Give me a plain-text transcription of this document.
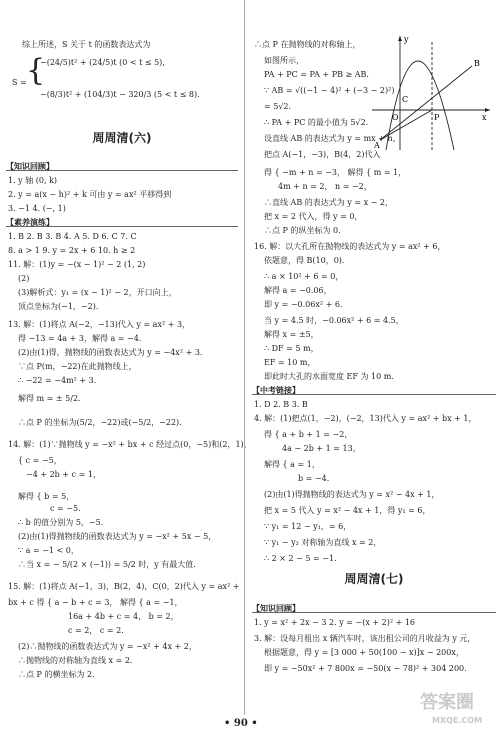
综上所述，S 关于 t 的函数表达式为
S =
−(24/5)t² + (24/5)t (0 < t ≤ 5),
−(8/3)t² + (104/3)t − 320/3 (5 < t ≤ 8).
周周清(六)
【知识回顾】
1. y 轴 (0, k)
2. y = a(x − h)² + k 可由 y = ax² 平移得到
3. −1 4. (−, 1)
【素养演练】
1. B 2. B 3. B 4. A 5. D 6. C 7. C
8. a > 1 9. y = 2x + 6 10. h ≥ 2
11. 解：(1)y = −(x − 1)² − 2 (1, 2)
(2)
(3)解析式：y₁ = (x − 1)² − 2，开口向上，
顶点坐标为(−1，−2).
13. 解：(1)将点 A(−2，−13)代入 y = ax² + 3，
得 −13 = 4a + 3，解得 a = −4.
(2)由(1)得，抛物线的函数表达式为 y = −4x² + 3.
∵点 P(m，−22)在此抛物线上，
∴ −22 = −4m² + 3.
解得 m = ± 5/2.
∴点 P 的坐标为(5/2，−22)或(−5/2，−22).
14. 解：(1)∵抛物线 y = −x² + bx + c 经过点(0，−5)和(2，1)，
{ c = −5，
−4 + 2b + c = 1，
解得 { b = 5，
c = −5.
∴ b 的值分别为 5，−5.
(2)由(1)得抛物线的函数表达式为 y = −x² + 5x − 5，
∵ a = −1 < 0，
∴当 x = − 5/(2 × (−1)) = 5/2 时，y 有最大值.
15. 解：(1)将点 A(−1，3)，B(2，4)，C(0，2)代入 y = ax² +
bx + c 得 { a − b + c = 3， 解得 { a = −1，
16a + 4b + c = 4， b = 2，
c = 2， c = 2.
(2)∴抛物线的函数表达式为 y = −x² + 4x + 2，
∴抛物线的对称轴为直线 x = 2.
∴点 P 的横坐标为 2.
∴点 P 在抛物线的对称轴上，
如图所示，
PA + PC = PA + PB ≥ AB.
∵ AB = √((−1 − 4)² + (−3 − 2)²)
= 5√2.
∴ PA + PC 的最小值为 5√2.
设直线 AB 的表达式为 y = mx + n，
把点 A(−1，−3)，B(4，2)代入
得 { −m + n = −3， 解得 { m = 1，
4m + n = 2， n = −2，
∴直线 AB 的表达式为 y = x − 2，
把 x = 2 代入，得 y = 0，
∴点 P 的纵坐标为 0.
16. 解：以大孔所在抛物线的表达式为 y = ax² + 6，
依题意，得 B(10，0).
∴ a × 10² + 6 = 0，
解得 a = −0.06，
即 y = −0.06x² + 6.
当 y = 4.5 时，−0.06x² + 6 = 4.5，
解得 x = ±5，
∴ DF = 5 m，
EF = 10 m，
即此时大孔的水面宽度 EF 为 10 m.
【中考链接】
1. D 2. B 3. B
4. 解：(1)把点(1，−2)，(−2，13)代入 y = ax² + bx + 1，
得 { a + b + 1 = −2，
4a − 2b + 1 = 13，
解得 { a = 1，
b = −4.
(2)由(1)得抛物线的表达式为 y = x² − 4x + 1，
把 x = 5 代入 y = x² − 4x + 1，得 y₁ = 6，
∵ y₁ = 12 − y₁，= 6，
∵ y₁ − y₂ 对称轴为直线 x = 2，
∴ 2 × 2 − 5 = −1.
周周清(七)
【知识回顾】
1. y = x² + 2x − 3 2. y = −(x + 2)² + 16
3. 解：设每月租出 x 辆汽车时，该出租公司的月收益为 y 元，
根据题意，得 y = [3 000 + 50(100 − x)]x − 200x，
即 y = −50x² + 7 800x = −50(x − 78)² + 304 200.
{
y
x
A
B
P
C
O
• 90 •
答案圈
MXQE.COM
